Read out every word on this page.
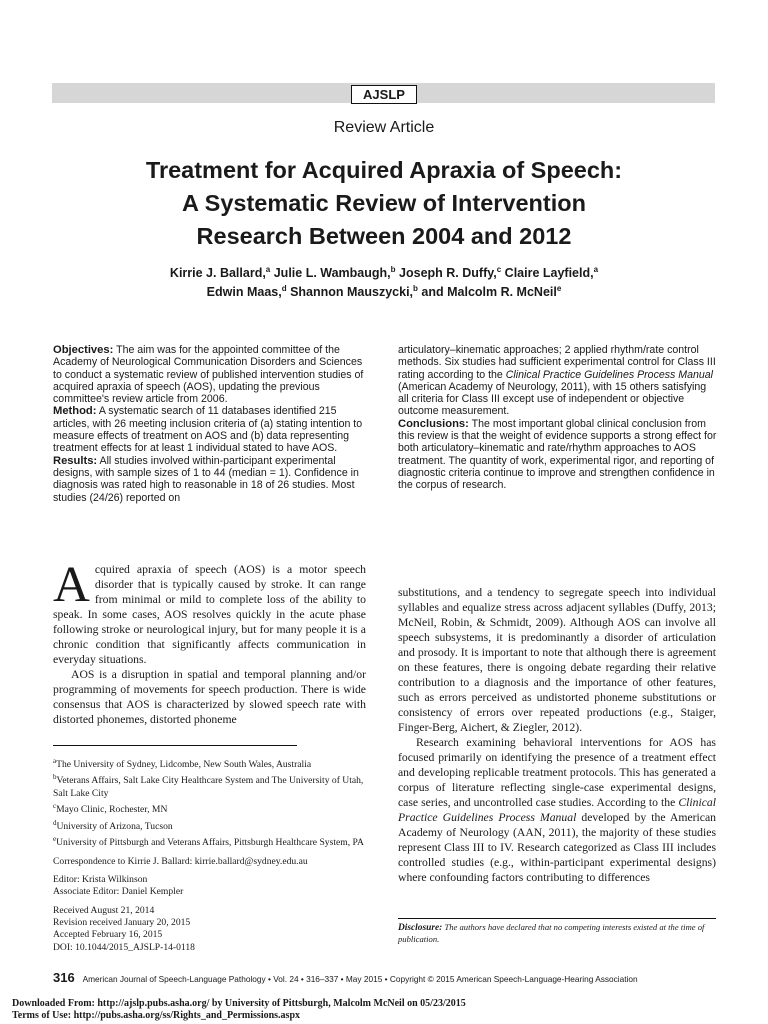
AJSLP
Review Article
Treatment for Acquired Apraxia of Speech:
A Systematic Review of Intervention
Research Between 2004 and 2012
Kirrie J. Ballard,$^a$ Julie L. Wambaugh,$^b$ Joseph R. Duffy,$^c$ Claire Layfield,$^a$
Edwin Maas,$^d$ Shannon Mauszycki,$^b$ and Malcolm R. McNeil$^e$
Objectives: The aim was for the appointed committee of the Academy of Neurological Communication Disorders and Sciences to conduct a systematic review of published intervention studies of acquired apraxia of speech (AOS), updating the previous committee's review article from 2006.
Method: A systematic search of 11 databases identified 215 articles, with 26 meeting inclusion criteria of (a) stating intention to measure effects of treatment on AOS and (b) data representing treatment effects for at least 1 individual stated to have AOS.
Results: All studies involved within-participant experimental designs, with sample sizes of 1 to 44 (median = 1). Confidence in diagnosis was rated high to reasonable in 18 of 26 studies. Most studies (24/26) reported on
articulatory–kinematic approaches; 2 applied rhythm/rate control methods. Six studies had sufficient experimental control for Class III rating according to the Clinical Practice Guidelines Process Manual (American Academy of Neurology, 2011), with 15 others satisfying all criteria for Class III except use of independent or objective outcome measurement.
Conclusions: The most important global clinical conclusion from this review is that the weight of evidence supports a strong effect for both articulatory–kinematic and rate/rhythm approaches to AOS treatment. The quantity of work, experimental rigor, and reporting of diagnostic criteria continue to improve and strengthen confidence in the corpus of research.
Acquired apraxia of speech (AOS) is a motor speech disorder that is typically caused by stroke. It can range from minimal or mild to complete loss of the ability to speak. In some cases, AOS resolves quickly in the acute phase following stroke or neurological injury, but for many people it is a chronic condition that significantly affects communication in everyday situations.
AOS is a disruption in spatial and temporal planning and/or programming of movements for speech production. There is wide consensus that AOS is characterized by slowed speech rate with distorted phonemes, distorted phoneme
substitutions, and a tendency to segregate speech into individual syllables and equalize stress across adjacent syllables (Duffy, 2013; McNeil, Robin, & Schmidt, 2009). Although AOS can involve all speech subsystems, it is predominantly a disorder of articulation and prosody. It is important to note that although there is agreement on these features, there is ongoing debate regarding their relative contribution to a diagnosis and the importance of other features, such as errors perceived as undistorted phoneme substitutions or consistency of errors over repeated productions (e.g., Staiger, Finger-Berg, Aichert, & Ziegler, 2012).
Research examining behavioral interventions for AOS has focused primarily on identifying the presence of a treatment effect and developing replicable treatment protocols. This has generated a corpus of literature reflecting single-case experimental designs, case series, and uncontrolled case studies. According to the Clinical Practice Guidelines Process Manual developed by the American Academy of Neurology (AAN, 2011), the majority of these studies represent Class III to IV. Research categorized as Class III includes controlled studies (e.g., within-participant experimental designs) where confounding factors contributing to differences
$^a$The University of Sydney, Lidcombe, New South Wales, Australia
$^b$Veterans Affairs, Salt Lake City Healthcare System and The University of Utah, Salt Lake City
$^c$Mayo Clinic, Rochester, MN
$^d$University of Arizona, Tucson
$^e$University of Pittsburgh and Veterans Affairs, Pittsburgh Healthcare System, PA
Correspondence to Kirrie J. Ballard: kirrie.ballard@sydney.edu.au
Editor: Krista Wilkinson
Associate Editor: Daniel Kempler
Received August 21, 2014
Revision received January 20, 2015
Accepted February 16, 2015
DOI: 10.1044/2015_AJSLP-14-0118
Disclosure: The authors have declared that no competing interests existed at the time of publication.
316 American Journal of Speech-Language Pathology • Vol. 24 • 316–337 • May 2015 • Copyright © 2015 American Speech-Language-Hearing Association
Downloaded From: http://ajslp.pubs.asha.org/ by University of Pittsburgh, Malcolm McNeil on 05/23/2015
Terms of Use: http://pubs.asha.org/ss/Rights_and_Permissions.aspx
